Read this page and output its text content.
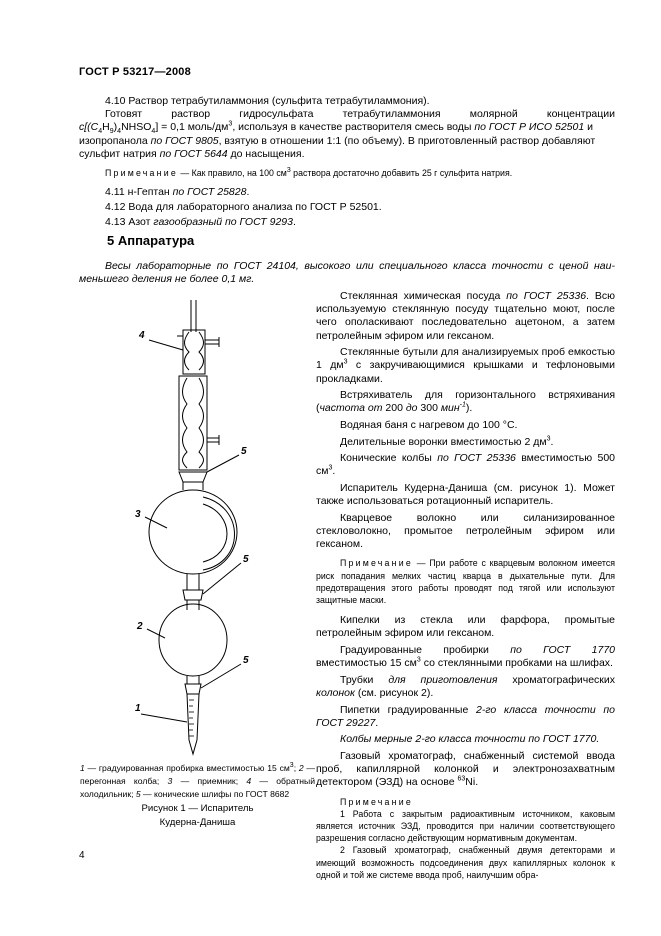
ГОСТ Р 53217—2008

4.10 Раствор тетрабутиламмония (сульфита тетрабутиламмония).

Готовят раствор гидросульфата тетрабутиламмония молярной концентрации

$c[(C_4H_9)_4NHSO_4] = 0,1$ моль/$дм^3$, используя в качестве растворителя смесь воды по ГОСТ Р ИСО 52501 и

изопропанола по ГОСТ 9805, взятую в отношении 1:1 (по объему). В приготовленный раствор добавляют

сульфит натрия по ГОСТ 5644 до насыщения.

Примечание — Как правило, на 100 $см^3$ раствора достаточно добавить 25 г сульфита натрия.

4.11 н-Гептан по ГОСТ 25828.

4.12 Вода для лабораторного анализа по ГОСТ Р 52501.

4.13 Азот газообразный по ГОСТ 9293.

5 Аппаратура

Весы лабораторные по ГОСТ 24104, высокого или специального класса точности с ценой наи-

меньшего деления не более 0,1 мг.

4
5
3
5
2
5
1
1 — градуированная пробирка вместимостью 15 $см^3$; 2 — перегонная колба; 3 — приемник; 4 — обратный холодильник; 5 — конические шлифы по ГОСТ 8682
Рисунок 1 — Испаритель
Кудерна-Даниша

Стеклянная химическая посуда по ГОСТ 25336. Всю используемую стеклянную посуду тщательно моют, после чего ополаскивают последовательно ацетоном, а затем петролейным эфиром или гексаном.

Стеклянные бутыли для анализируемых проб емкостью 1 $дм^3$ с закручивающимися крышками и тефлоновыми прокладками.

Встряхиватель для горизонтального встряхивания (частота от 200 до 300 мин$^{-1}$).

Водяная баня с нагревом до 100 °С.

Делительные воронки вместимостью 2 $дм^3$.

Конические колбы по ГОСТ 25336 вместимостью 500 $см^3$.

Испаритель Кудерна-Даниша (см. рисунок 1). Может также использоваться ротационный испаритель.

Кварцевое волокно или силанизированное стекловолокно, промытое петролейным эфиром или гексаном.

Примечание — При работе с кварцевым волокном имеется риск попадания мелких частиц кварца в дыхательные пути. Для предотвращения этого работы проводят под тягой или используют защитные маски.

Кипелки из стекла или фарфора, промытые петролейным эфиром или гексаном.

Градуированные пробирки по ГОСТ 1770 вместимостью 15 $см^3$ со стеклянными пробками на шлифах.

Трубки для приготовления хроматографических колонок (см. рисунок 2).

Пипетки градуированные 2-го класса точности по ГОСТ 29227.

Колбы мерные 2-го класса точности по ГОСТ 1770.

Газовый хроматограф, снабженный системой ввода проб, капиллярной колонкой и электронозахватным детектором (ЭЗД) на основе $^{63}$Ni.

Примечание

1 Работа с закрытым радиоактивным источником, каковым является источник ЭЗД, проводится при наличии соответствующего разрешения согласно действующим нормативным документам.

2 Газовый хроматограф, снабженный двумя детекторами и имеющий возможность подсоединения двух капиллярных колонок к одной и той же системе ввода проб, наилучшим обра-

4
